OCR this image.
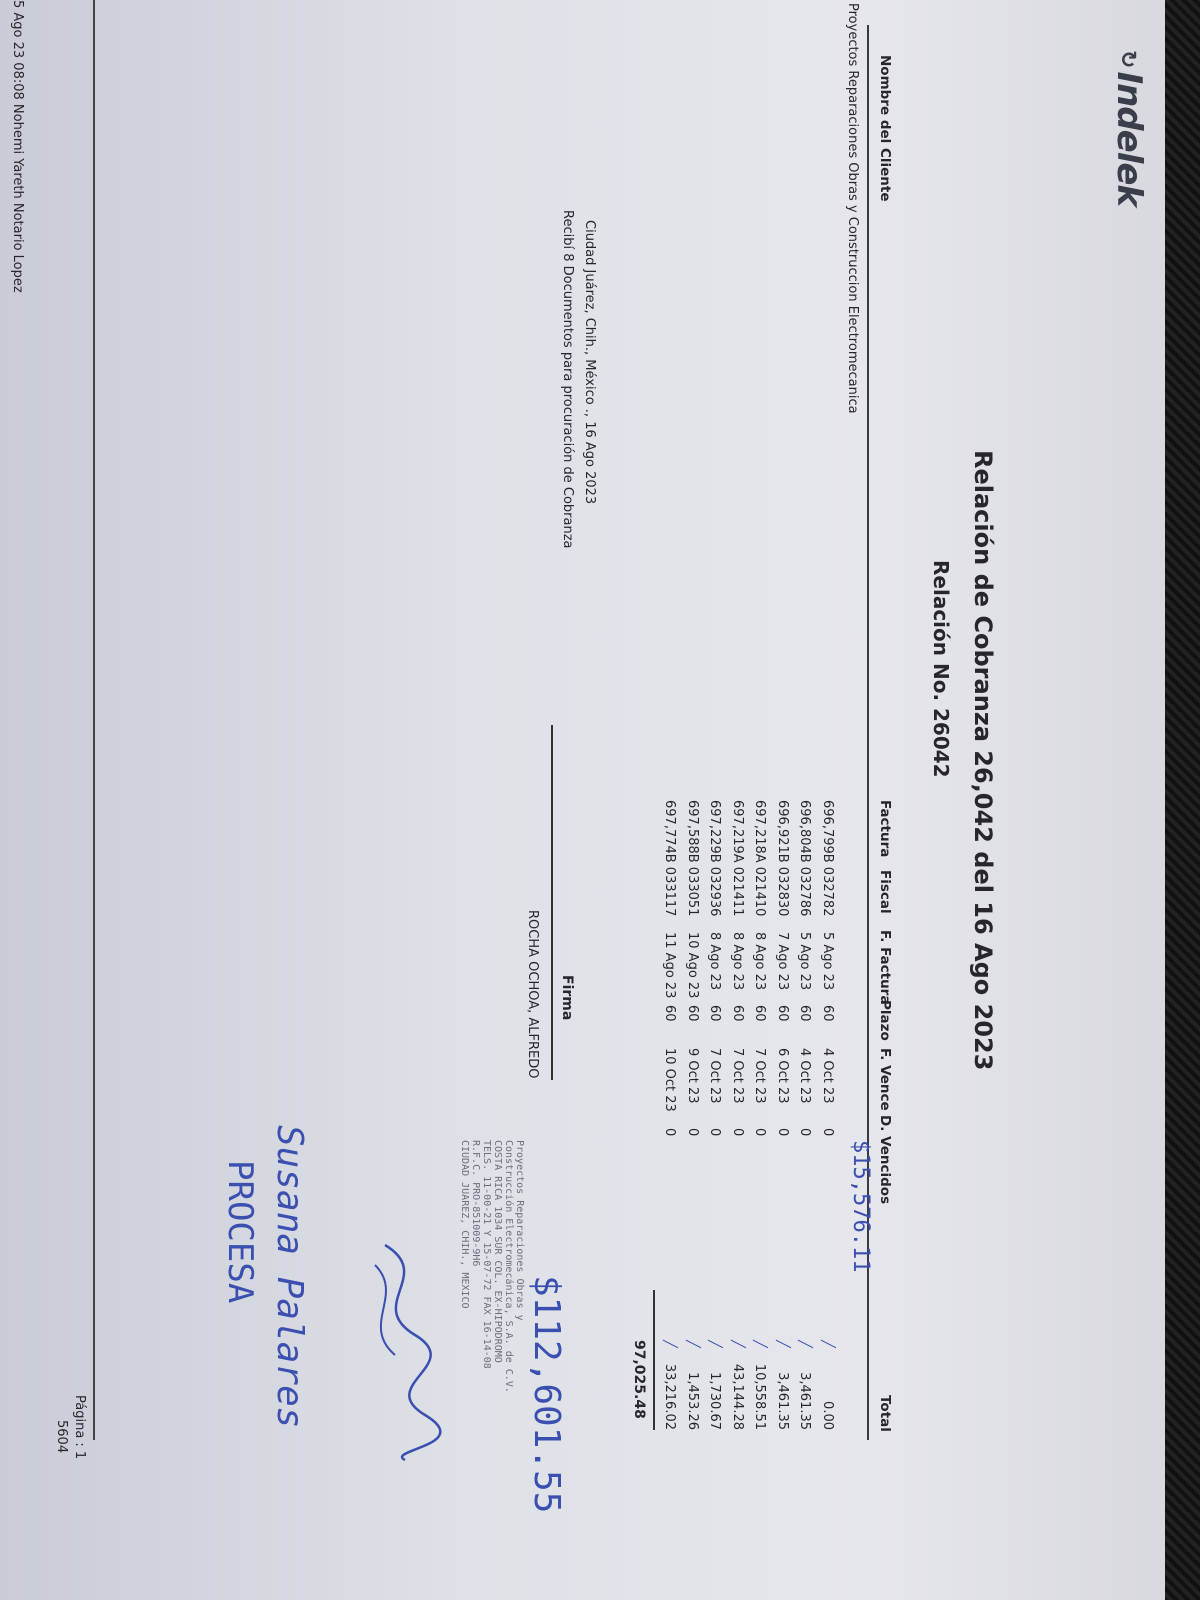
↻Indelek
Relación de Cobranza 26,042 del 16 Ago 2023
Relación No. 26042
Nombre del Cliente
Factura
Fiscal
F. Factura
Plazo
F. Vence
D. Vencidos
Total
Proyectos Reparaciones Obras y Construccion Electromecanica
696,799B 032782
5 Ago 23
60
4 Oct 23
0
╱
0.00
696,804B 032786
5 Ago 23
60
4 Oct 23
0
╱
3,461.35
696,921B 032830
7 Ago 23
60
6 Oct 23
0
╱
3,461.35
697,218A 021410
8 Ago 23
60
7 Oct 23
0
╱
10,558.51
697,219A 021411
8 Ago 23
60
7 Oct 23
0
╱
43,144.28
697,229B 032936
8 Ago 23
60
7 Oct 23
0
╱
1,730.67
697,588B 033051
10 Ago 23
60
9 Oct 23
0
╱
1,453.26
697,774B 033117
11 Ago 23
60
10 Oct 23
0
╱
33,216.02
97,025.48
Firma
ROCHA OCHOA, ALFREDO
Ciudad Juárez, Chih., México ., 16 Ago 2023
Recibí 8 Documentos para procuración de Cobranza
Proyectos Reparaciones Obras y
Construcción Electromecánica, S.A. de C.V.
COSTA RICA 1034 SUR COL. EX-HIPODROMO
TELS. 11-00-21 Y 15-07-72 FAX 16-14-08
R.F.C. PRO-851009-9H6
CIUDAD JUAREZ, CHIH., MEXICO	$15,576.11
$112,601.55
Susana Palares
PROCESA
Página : 1
5604
5 Ago 23 08:08 Nohemi Yareth Notario Lopez
